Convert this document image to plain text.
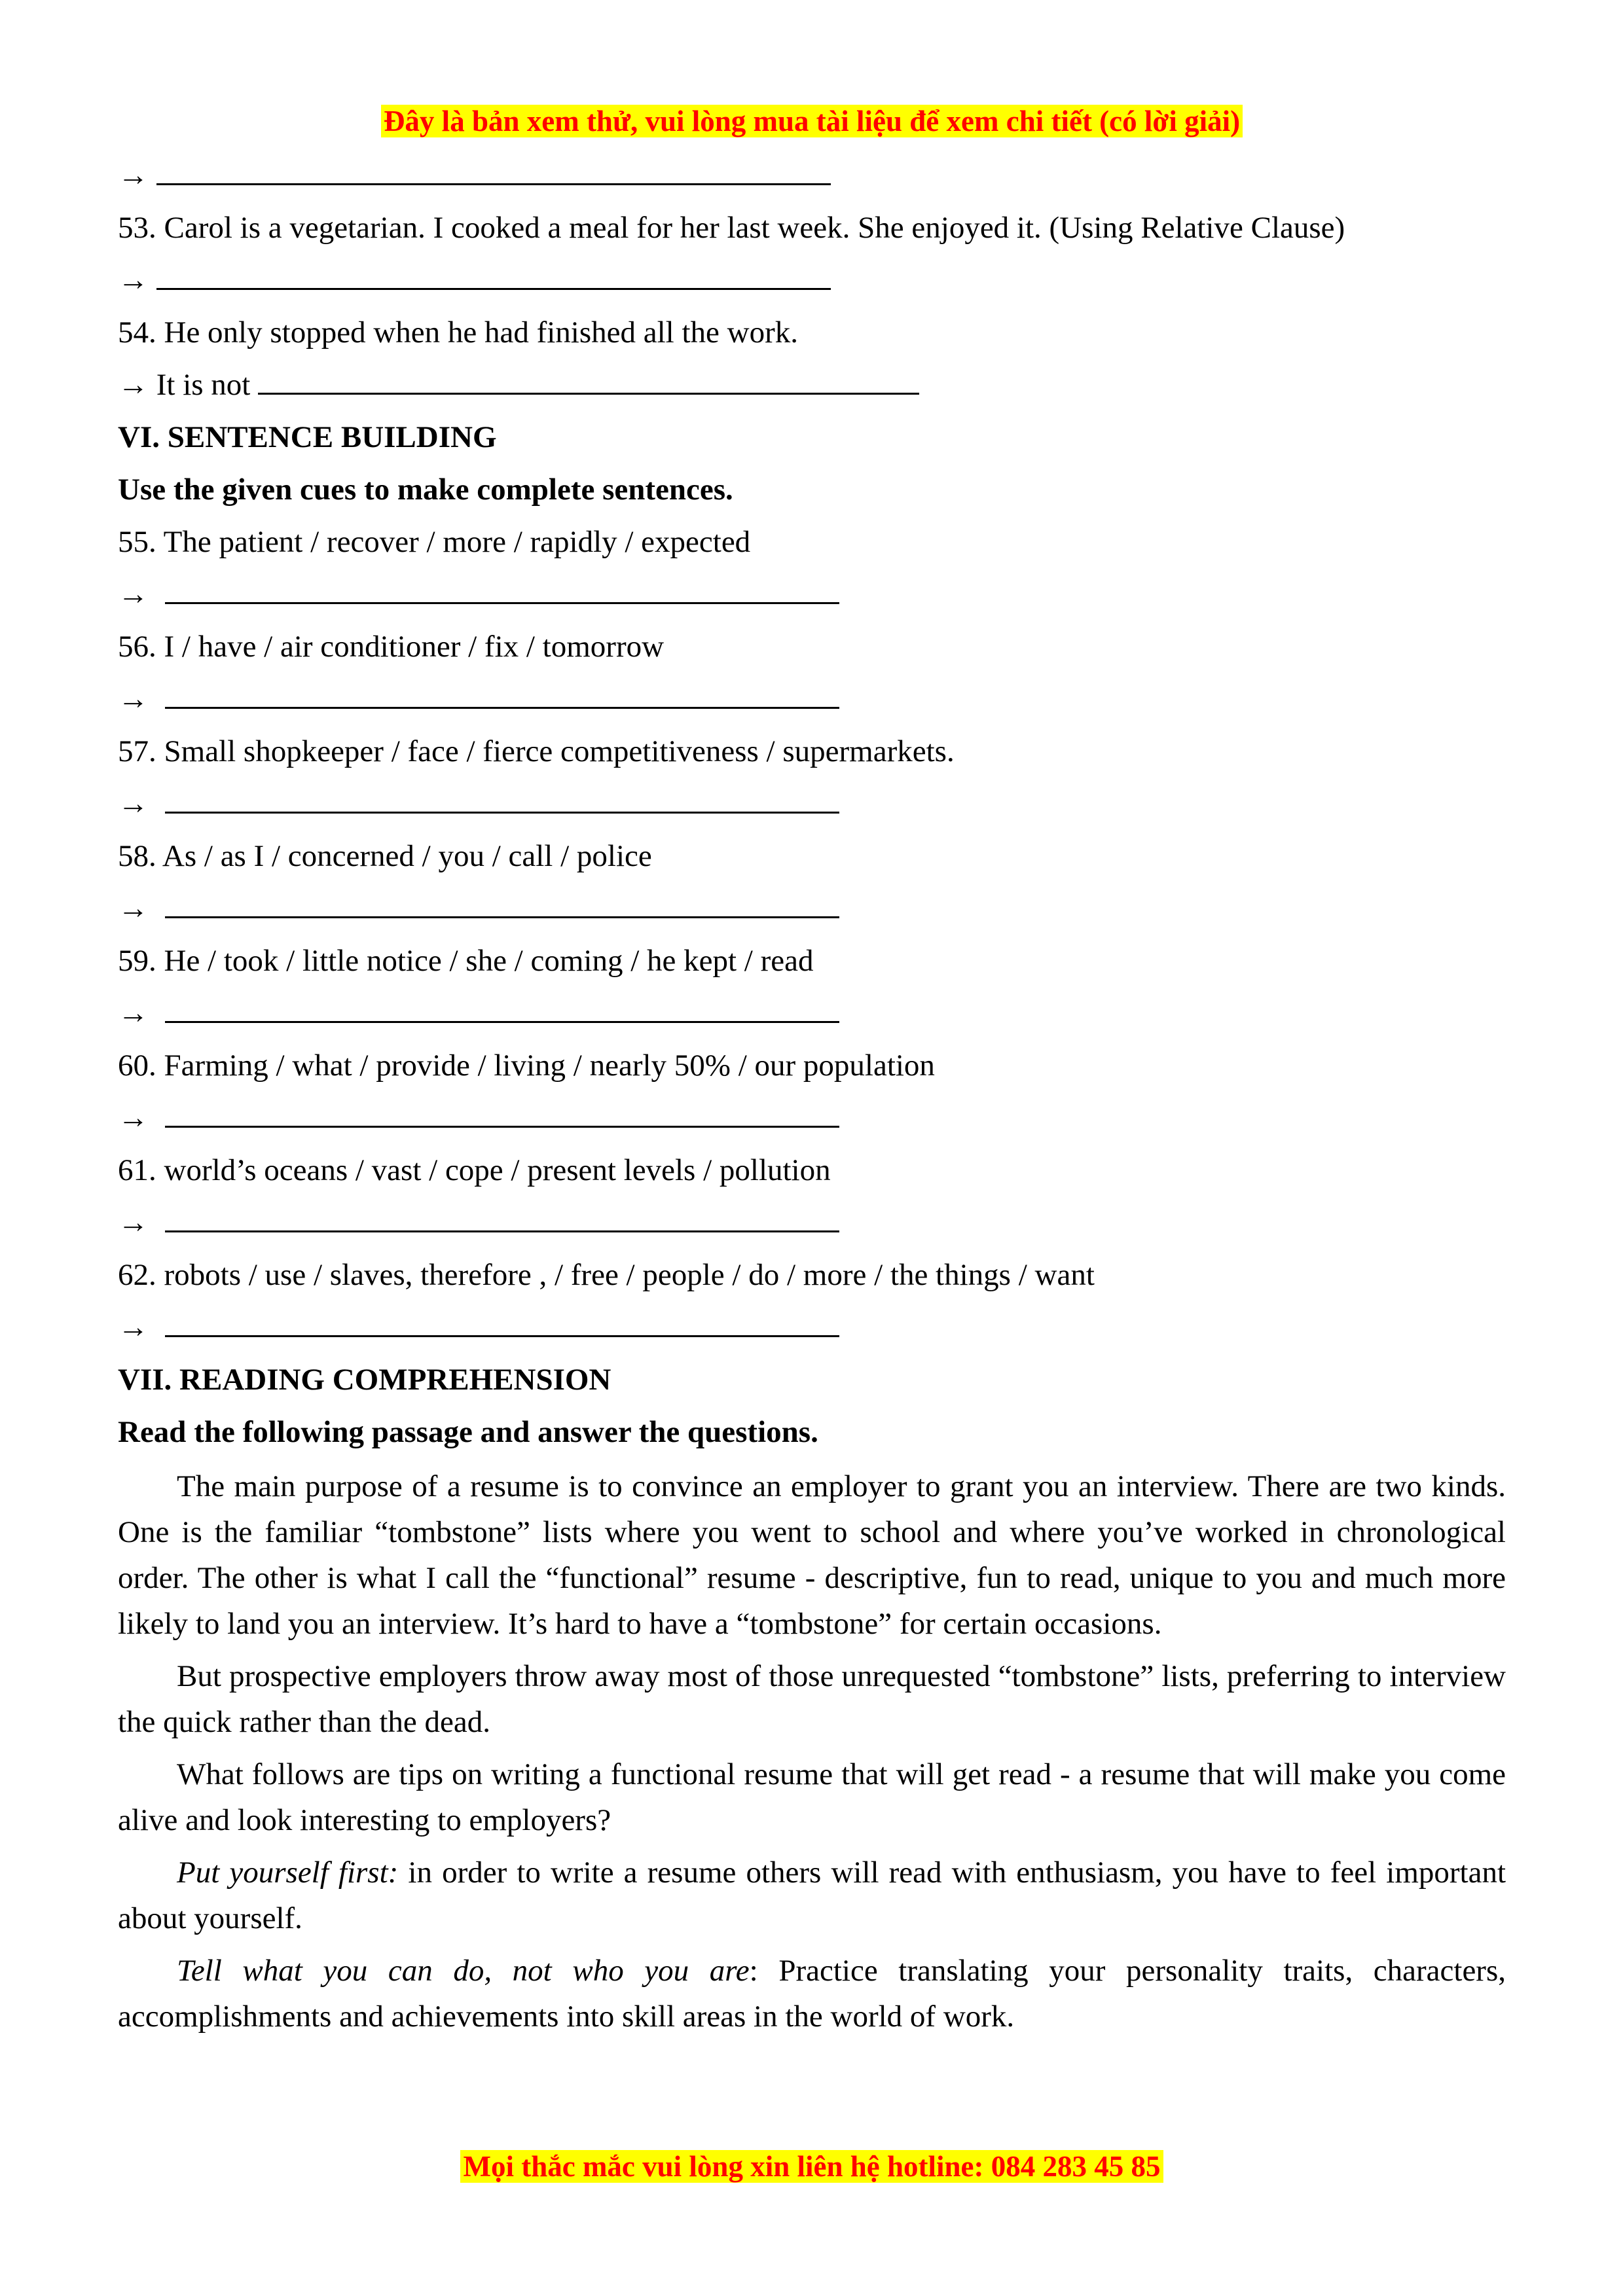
Đây là bản xem thử, vui lòng mua tài liệu để xem chi tiết (có lời giải)
→
53. Carol is a vegetarian. I cooked a meal for her last week. She enjoyed it. (Using Relative Clause)
→
54. He only stopped when he had finished all the work.
→ It is not
VI. SENTENCE BUILDING
Use the given cues to make complete sentences.
55. The patient / recover / more / rapidly / expected
→
56. I / have / air conditioner / fix / tomorrow
→
57. Small shopkeeper / face / fierce competitiveness / supermarkets.
→
58. As / as I / concerned / you / call / police
→
59. He / took / little notice / she / coming / he kept / read
→
60. Farming / what / provide / living / nearly 50% / our population
→
61. world’s oceans / vast / cope / present levels / pollution
→
62. robots / use / slaves, therefore , / free / people / do / more / the things / want
→
VII. READING COMPREHENSION
Read the following passage and answer the questions.

The main purpose of a resume is to convince an employer to grant you an interview. There are two kinds. One is the familiar “tombstone” lists where you went to school and where you’ve worked in chronological order. The other is what I call the “functional” resume - descriptive, fun to read, unique to you and much more likely to land you an interview. It’s hard to have a “tombstone” for certain occasions.

But prospective employers throw away most of those unrequested “tombstone” lists, preferring to interview the quick rather than the dead.

What follows are tips on writing a functional resume that will get read - a resume that will make you come alive and look interesting to employers?

Put yourself first: in order to write a resume others will read with enthusiasm, you have to feel important about yourself.

Tell what you can do, not who you are: Practice translating your personality traits, characters, accomplishments and achievements into skill areas in the world of work.

Mọi thắc mắc vui lòng xin liên hệ hotline: 084 283 45 85
